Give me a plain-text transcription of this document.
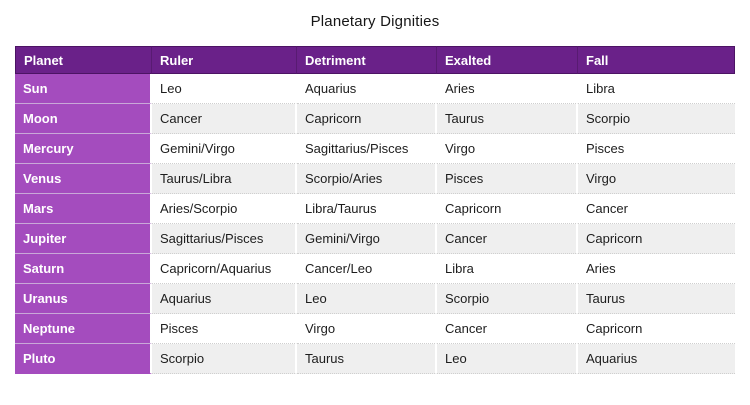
Planetary Dignities
Planet	Ruler	Detriment	Exalted	Fall
Sun	Leo	Aquarius	Aries	Libra
Moon	Cancer	Capricorn	Taurus	Scorpio
Mercury	Gemini/Virgo	Sagittarius/Pisces	Virgo	Pisces
Venus	Taurus/Libra	Scorpio/Aries	Pisces	Virgo
Mars	Aries/Scorpio	Libra/Taurus	Capricorn	Cancer
Jupiter	Sagittarius/Pisces	Gemini/Virgo	Cancer	Capricorn
Saturn	Capricorn/Aquarius	Cancer/Leo	Libra	Aries
Uranus	Aquarius	Leo	Scorpio	Taurus
Neptune	Pisces	Virgo	Cancer	Capricorn
Pluto	Scorpio	Taurus	Leo	Aquarius
